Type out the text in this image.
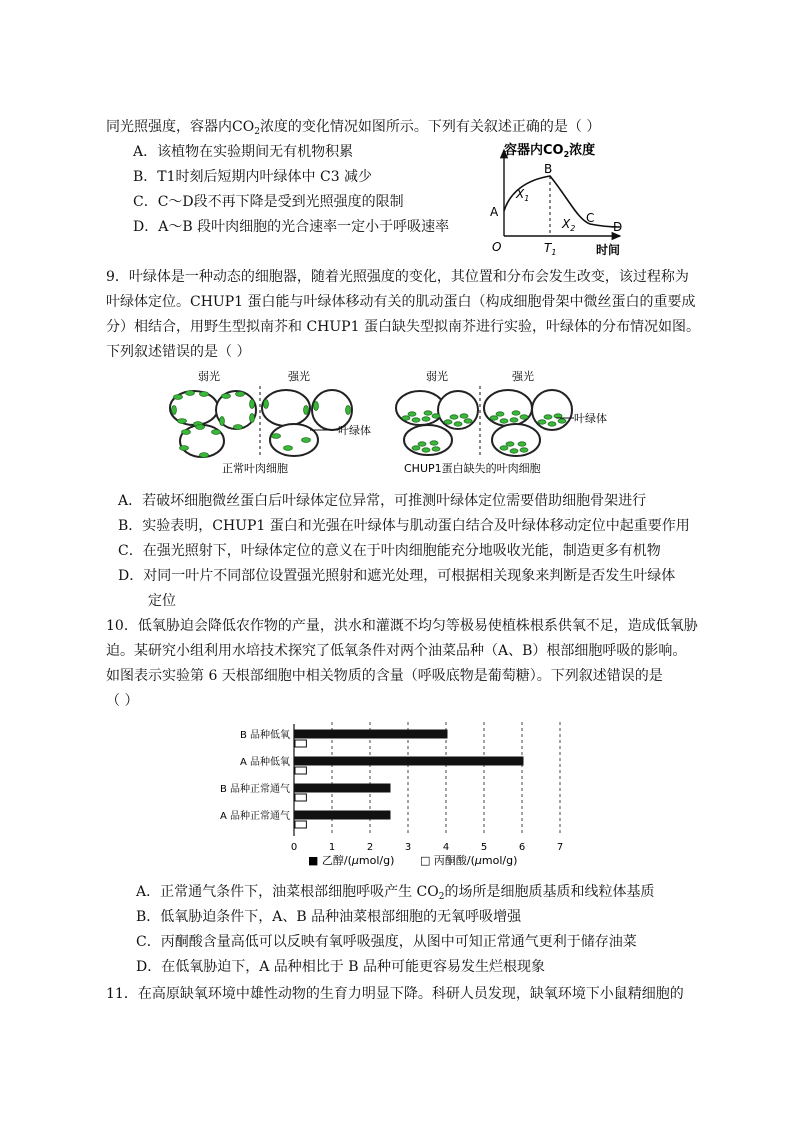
同光照强度，容器内$CO_2$浓度的变化情况如图所示。下列有关叙述正确的是（ ）
A．该植物在实验期间无有机物积累
B．T1时刻后短期内叶绿体中 C3 减少
C．C～D段不再下降是受到光照强度的限制
D．A～B 段叶肉细胞的光合速率一定小于呼吸速率
容器内$CO_2$浓度
A
B
C
D
$X_1$
$X_2$
O	$T_1$	时间
9．叶绿体是一种动态的细胞器，随着光照强度的变化，其位置和分布会发生改变，该过程称为
叶绿体定位。CHUP1 蛋白能与叶绿体移动有关的肌动蛋白（构成细胞骨架中微丝蛋白的重要成
分）相结合，用野生型拟南芥和 CHUP1 蛋白缺失型拟南芥进行实验，叶绿体的分布情况如图。
下列叙述错误的是（ ）
弱光	强光
叶绿体
正常叶肉细胞
弱光	强光
叶绿体
CHUP1蛋白缺失的叶肉细胞
A．若破坏细胞微丝蛋白后叶绿体定位异常，可推测叶绿体定位需要借助细胞骨架进行
B．实验表明，CHUP1 蛋白和光强在叶绿体与肌动蛋白结合及叶绿体移动定位中起重要作用
C．在强光照射下，叶绿体定位的意义在于叶肉细胞能充分地吸收光能，制造更多有机物
D．对同一叶片不同部位设置强光照射和遮光处理，可根据相关现象来判断是否发生叶绿体
定位
10．低氧胁迫会降低农作物的产量，洪水和灌溉不均匀等极易使植株根系供氧不足，造成低氧胁
迫。某研究小组利用水培技术探究了低氧条件对两个油菜品种（A、B）根部细胞呼吸的影响。
如图表示实验第 6 天根部细胞中相关物质的含量（呼吸底物是葡萄糖）。下列叙述错误的是
（ ）
B 品种低氧
A 品种低氧
B 品种正常通气
A 品种正常通气
0	1	2	3	4	5	6	7
■ 乙醇/(μmol/g) □ 丙酮酸/(μmol/g)
A．正常通气条件下，油菜根部细胞呼吸产生 $CO_2$的场所是细胞质基质和线粒体基质
B．低氧胁迫条件下，A、B 品种油菜根部细胞的无氧呼吸增强
C．丙酮酸含量高低可以反映有氧呼吸强度，从图中可知正常通气更利于储存油菜
D．在低氧胁迫下，A 品种相比于 B 品种可能更容易发生烂根现象
11．在高原缺氧环境中雄性动物的生育力明显下降。科研人员发现，缺氧环境下小鼠精细胞的
